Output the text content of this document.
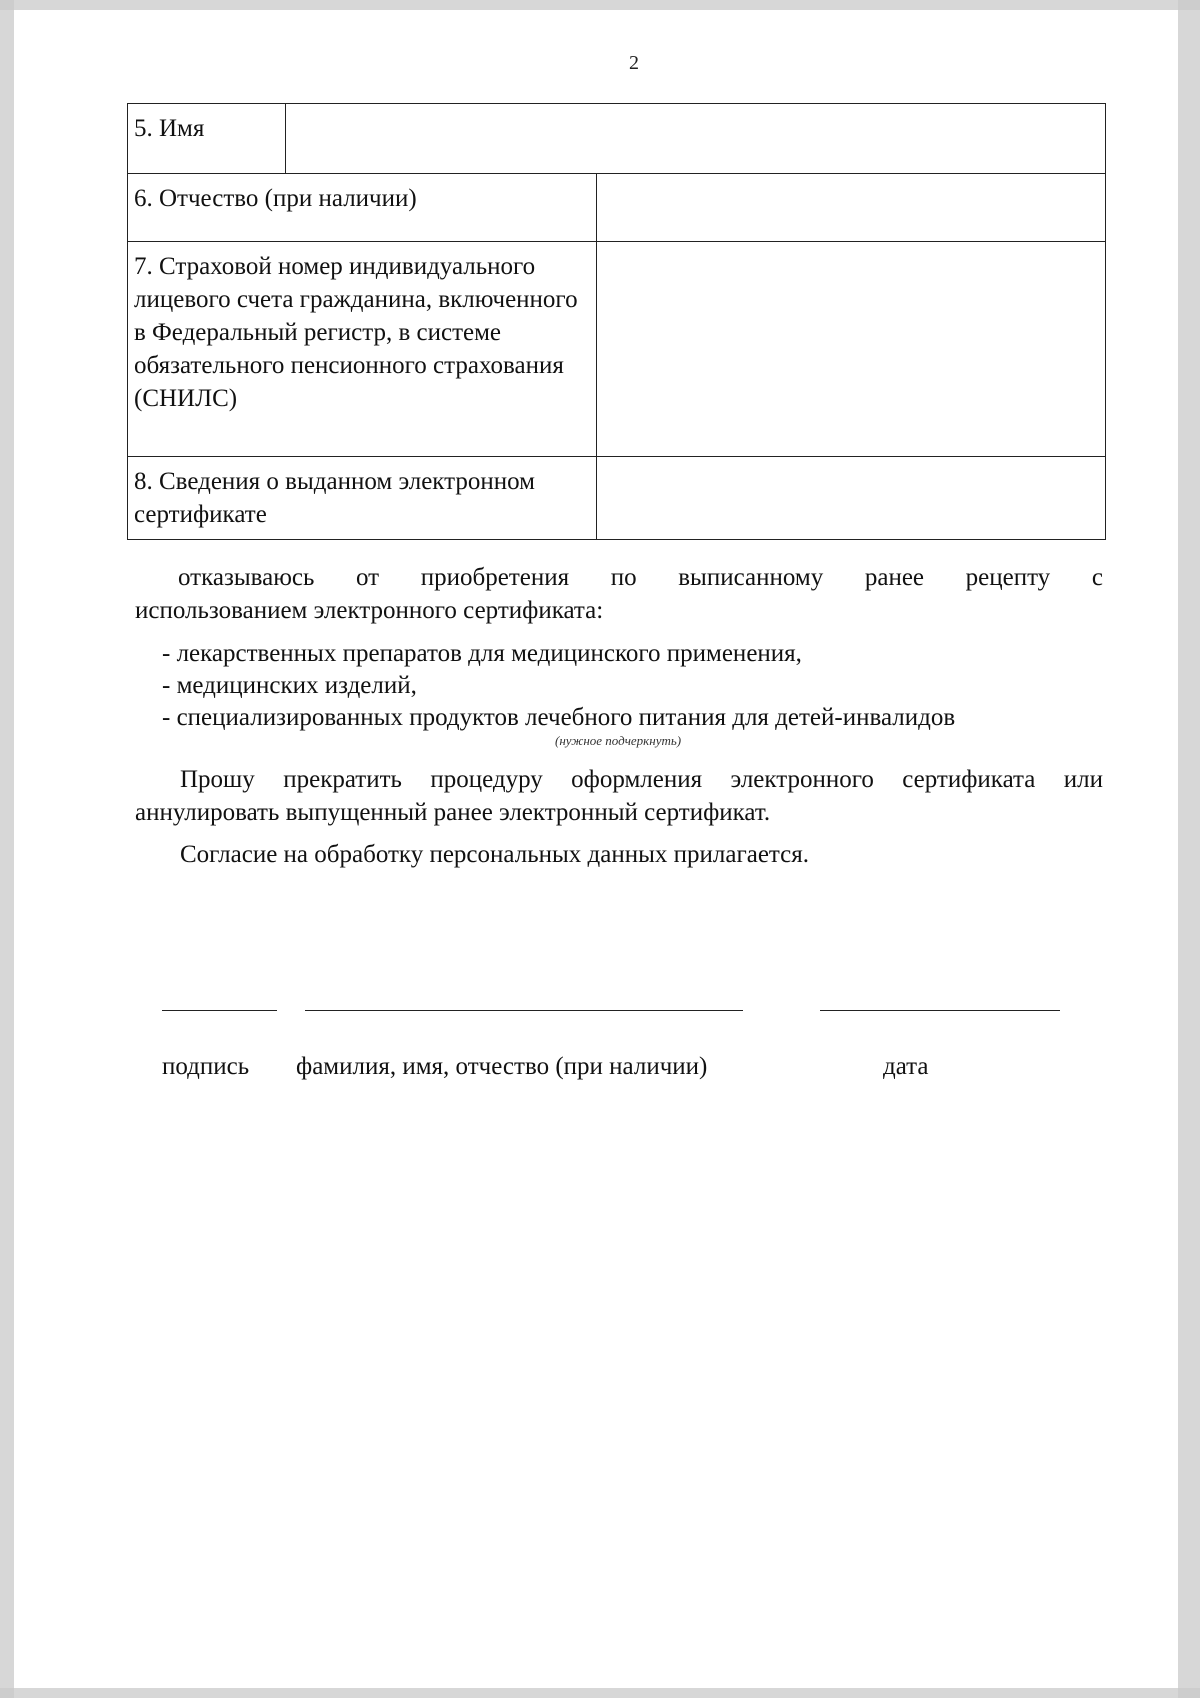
2
5. Имя	
6. Отчество (при наличии)	
7. Страховой номер индивидуального лицевого счета гражданина, включенного в Федеральный регистр, в системе обязательного пенсионного страхования (СНИЛС)	
8. Сведения о выданном электронном сертификате	
отказываюсь от приобретения по выписанному ранее рецепту с
использованием электронного сертификата:
- лекарственных препаратов для медицинского применения,
- медицинских изделий,
- специализированных продуктов лечебного питания для детей-инвалидов
(нужное подчеркнуть)
Прошу прекратить процедуру оформления электронного сертификата или аннулировать выпущенный ранее электронный сертификат.
Согласие на обработку персональных данных прилагается.
подпись фамилия, имя, отчество (при наличии)	дата
